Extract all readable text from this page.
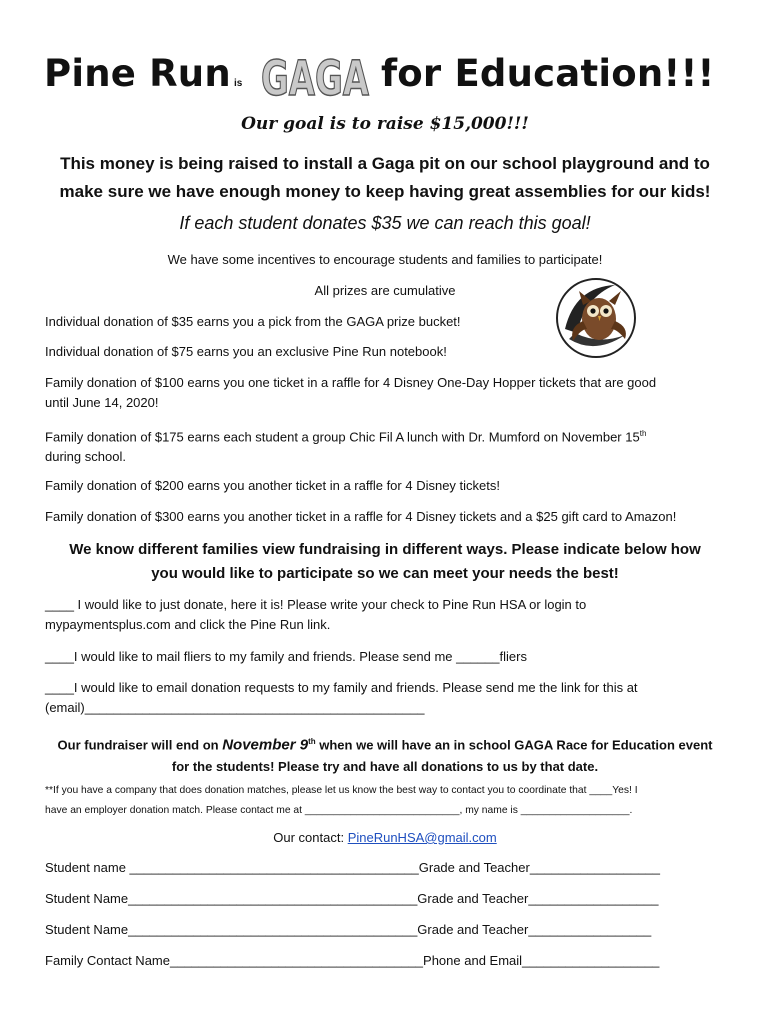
Pine Run is GAGA for Education!!!
Our goal is to raise $15,000!!!
This money is being raised to install a Gaga pit on our school playground and to
make sure we have enough money to keep having great assemblies for our kids!
If each student donates $35 we can reach this goal!
We have some incentives to encourage students and families to participate!
All prizes are cumulative
Individual donation of $35 earns you a pick from the GAGA prize bucket!
Individual donation of $75 earns you an exclusive Pine Run notebook!
Family donation of $100 earns you one ticket in a raffle for 4 Disney One-Day Hopper tickets that are good
until June 14, 2020!
Family donation of $175 earns each student a group Chic Fil A lunch with Dr. Mumford on November 15th
during school.
Family donation of $200 earns you another ticket in a raffle for 4 Disney tickets!
Family donation of $300 earns you another ticket in a raffle for 4 Disney tickets and a $25 gift card to Amazon!
We know different families view fundraising in different ways. Please indicate below how
you would like to participate so we can meet your needs the best!
____ I would like to just donate, here it is! Please write your check to Pine Run HSA or login to
mypaymentsplus.com and click the Pine Run link.
____I would like to mail fliers to my family and friends. Please send me ______fliers
____I would like to email donation requests to my family and friends. Please send me the link for this at
(email)_______________________________________________
Our fundraiser will end on November 9th when we will have an in school GAGA Race for Education event
for the students! Please try and have all donations to us by that date.
**If you have a company that does donation matches, please let us know the best way to contact you to coordinate that ____Yes! I
have an employer donation match. Please contact me at ___________________________, my name is ___________________.
Our contact: PineRunHSA@gmail.com
Student name ________________________________________Grade and Teacher__________________
Student Name________________________________________Grade and Teacher__________________
Student Name________________________________________Grade and Teacher_________________
Family Contact Name___________________________________Phone and Email___________________
